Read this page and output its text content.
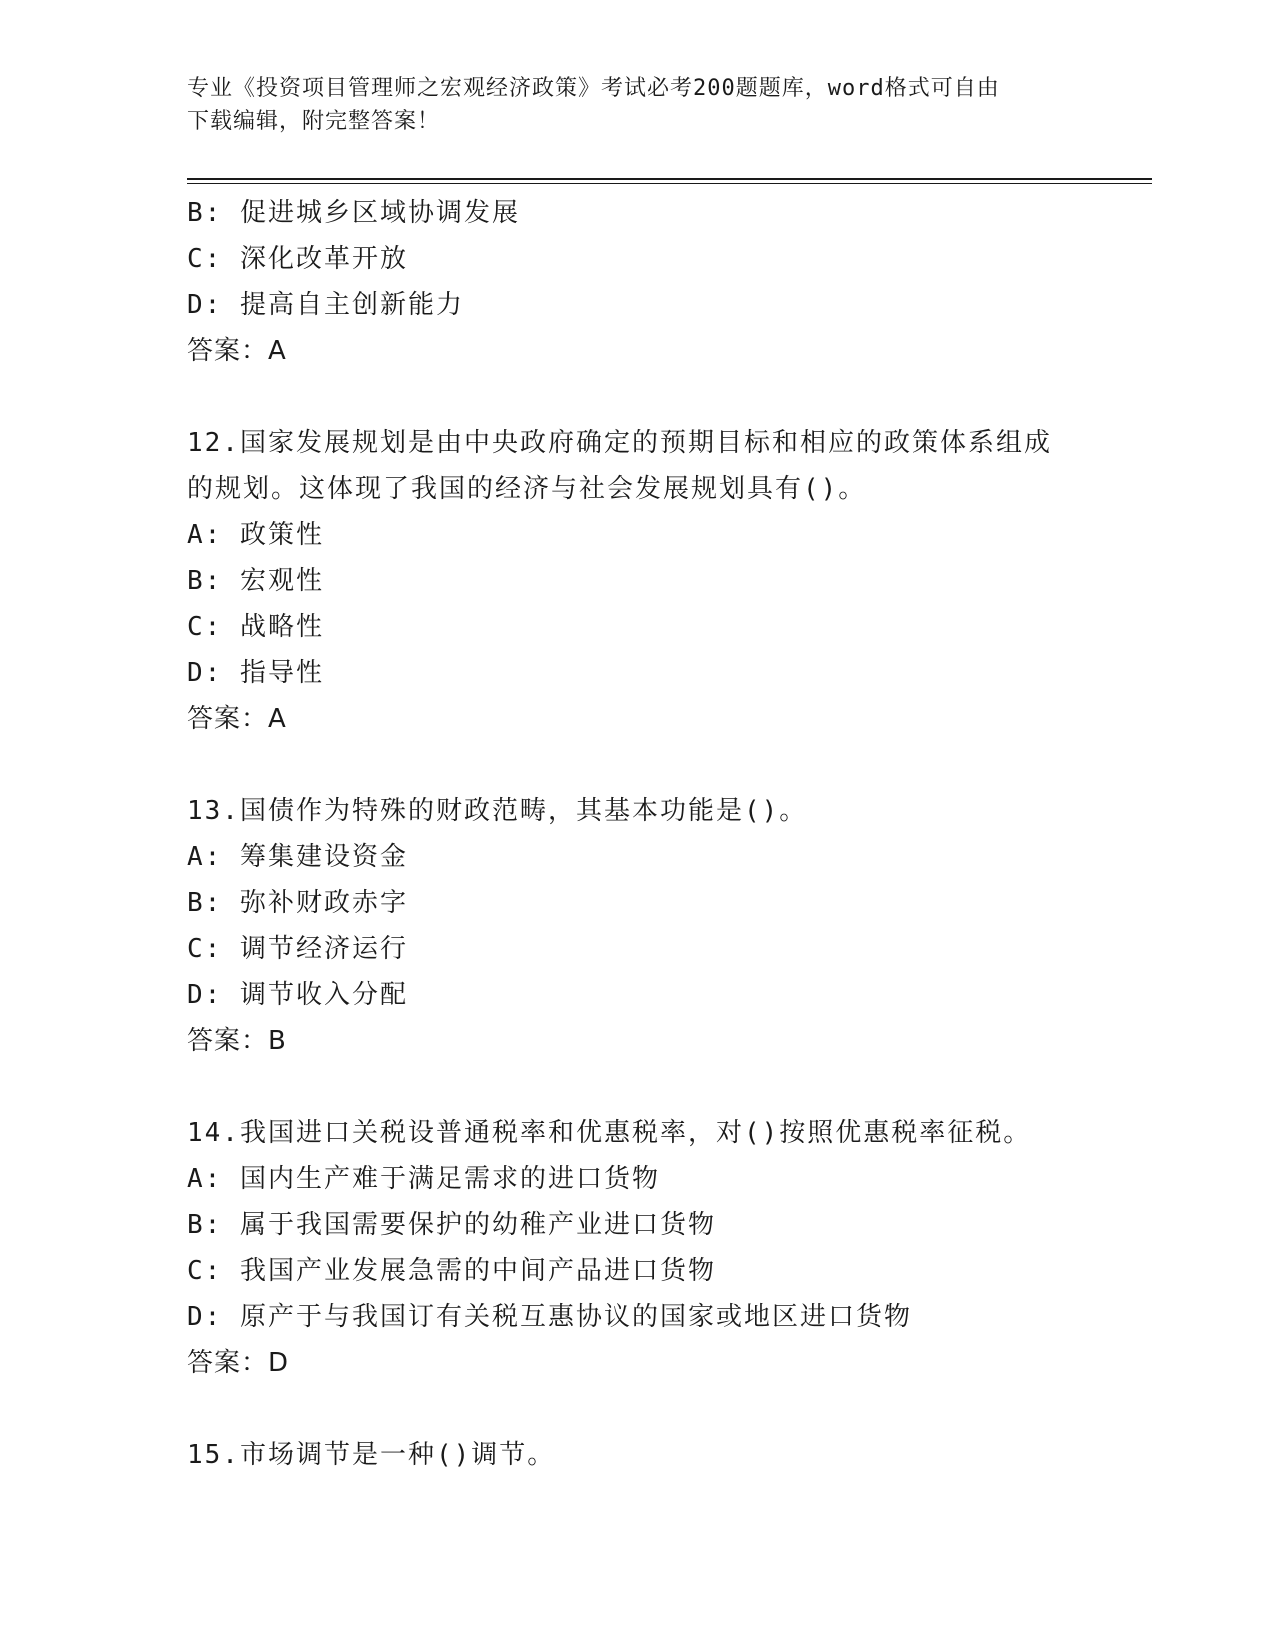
专业《投资项目管理师之宏观经济政策》考试必考200题题库，word格式可自由
下载编辑，附完整答案！
B: 促进城乡区域协调发展
C: 深化改革开放
D: 提高自主创新能力
答案：A
12.国家发展规划是由中央政府确定的预期目标和相应的政策体系组成
的规划。这体现了我国的经济与社会发展规划具有()。
A: 政策性
B: 宏观性
C: 战略性
D: 指导性
答案：A
13.国债作为特殊的财政范畴，其基本功能是()。
A: 筹集建设资金
B: 弥补财政赤字
C: 调节经济运行
D: 调节收入分配
答案：B
14.我国进口关税设普通税率和优惠税率，对()按照优惠税率征税。
A: 国内生产难于满足需求的进口货物
B: 属于我国需要保护的幼稚产业进口货物
C: 我国产业发展急需的中间产品进口货物
D: 原产于与我国订有关税互惠协议的国家或地区进口货物
答案：D
15.市场调节是一种()调节。
